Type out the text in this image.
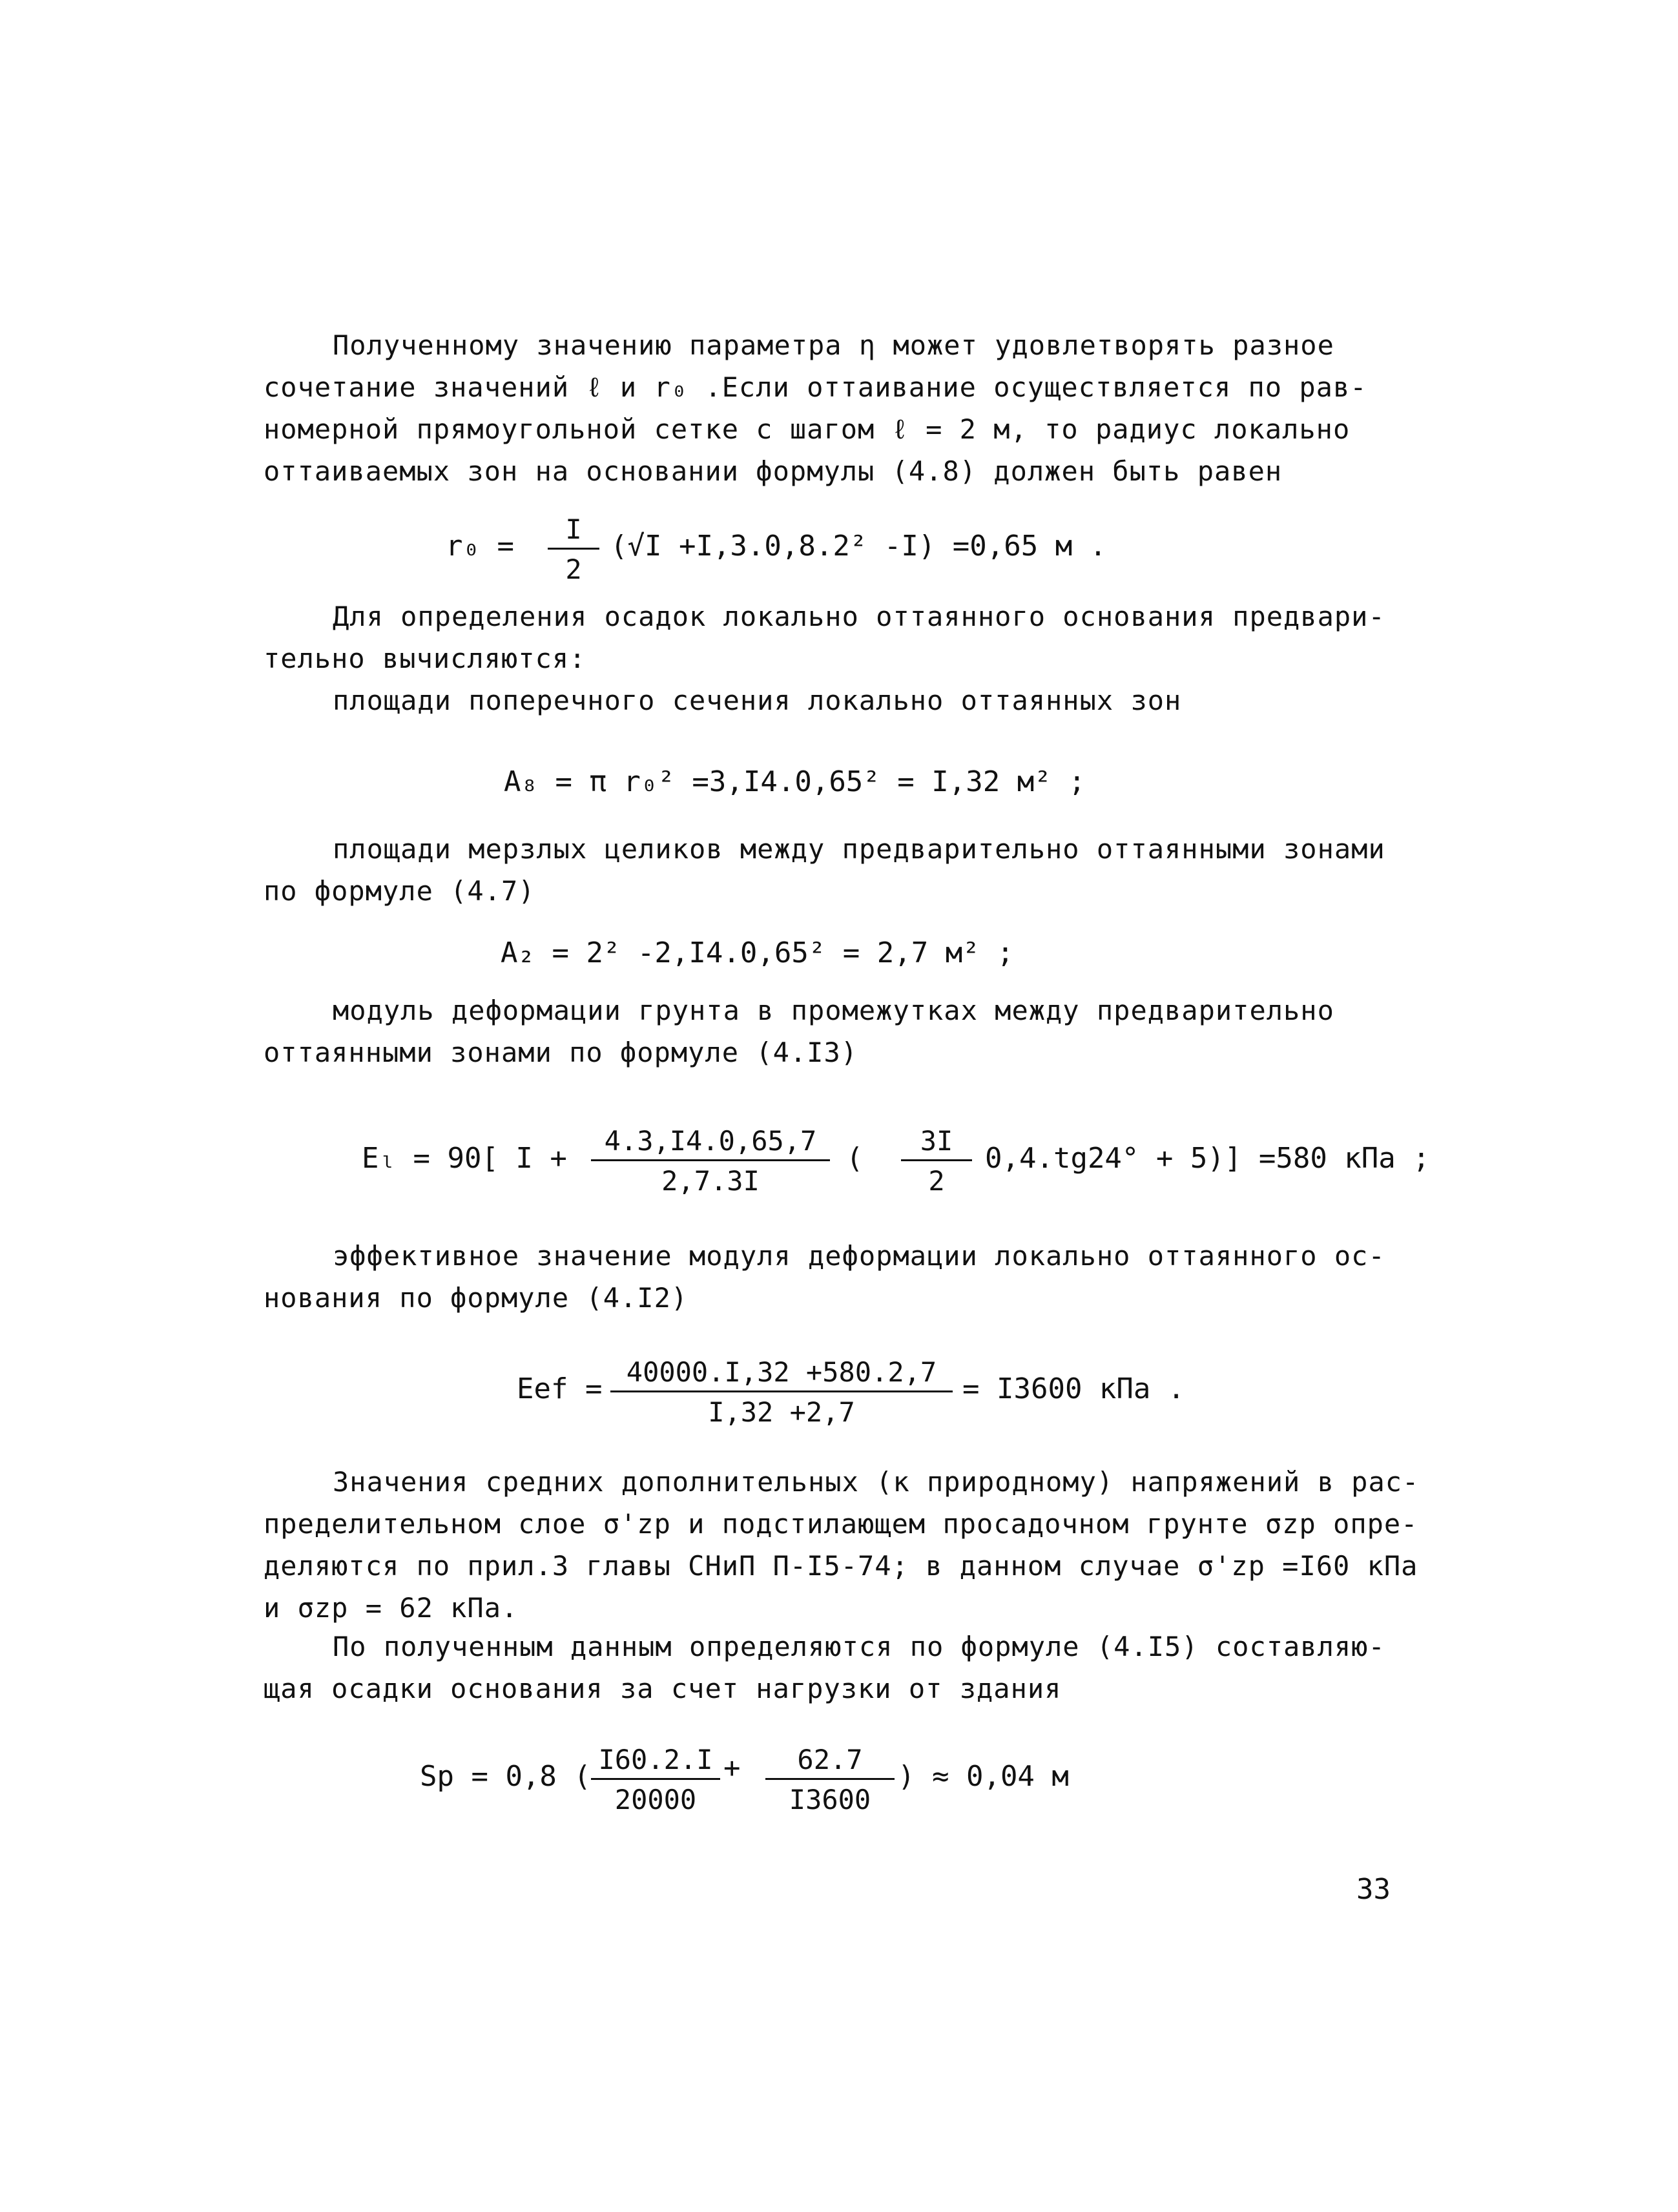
Полученному значению параметра η может удовлетворять разное
сочетание значений ℓ и r₀ .Если оттаивание осуществляется по рав-
номерной прямоугольной сетке с шагом ℓ = 2 м, то радиус локально
оттаиваемых зон на основании формулы (4.8) должен быть равен
$r_0 = \frac{I}{2} (√I +I,3.0,8.2^2$ -I) =0,65 м .
Для определения осадок локально оттаянного основания предвари-
тельно вычисляются:
площади поперечного сечения локально оттаянных зон
A₈ = π r₀² =3,I4.0,65² = I,32 м² ;
площади мерзлых целиков между предварительно оттаянными зонами
по формуле (4.7)
A₂ = 2² -2,I4.0,65² = 2,7 м² ;
модуль деформации грунта в промежутках между предварительно
оттаянными зонами по формуле (4.I3)
Eₗ = 90[ $I + \frac{4.3,I4.0,65,7}{2,7.3I}$ ( $\frac{3I}{2} 0,4.tg24^\circ + 5)] =580$ кПа ;
эффективное значение модуля деформации локально оттаянного ос-
нования по формуле (4.I2)
Eef = $\frac{40000.I,32 +580.2,7}{I,32 +2,7} = I3600$ кПа .
Значения средних дополнительных (к природному) напряжений в рас-
пределительном слое σ'zp и подстилающем просадочном грунте σzp опре-
деляются по прил.3 главы СНиП П-I5-74; в данном случае σ'zp =I60 кПа
и σzp = 62 кПа.
По полученным данным определяются по формуле (4.I5) составляю-
щая осадки основания за счет нагрузки от здания
Sp = 0,8 ( $\frac{I60.2.I}{20000} + \frac{62.7}{I3600}$ ) ≈ 0,04 м
33
